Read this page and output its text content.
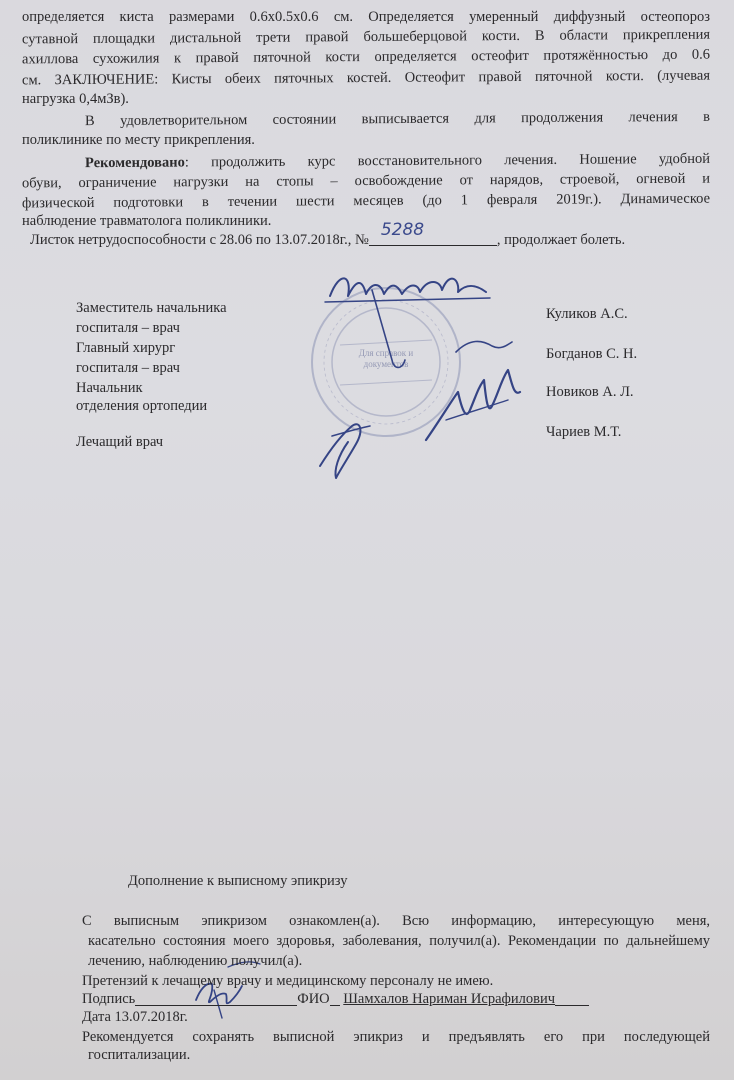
определяется киста размерами 0.6х0.5х0.6 см. Определяется умеренный диффузный остеопороз
сутавной площадки дистальной трети правой большеберцовой кости. В области прикрепления
ахиллова сухожилия к правой пяточной кости определяется остеофит протяжённостью до 0.6
см. ЗАКЛЮЧЕНИЕ: Кисты обеих пяточных костей. Остеофит правой пяточной кости. (лучевая
нагрузка 0,4мЗв).
В удовлетворительном состоянии выписывается для продолжения лечения в
поликлинике по месту прикрепления.
Рекомендовано : продолжить курс восстановительного лечения. Ношение удобной
обуви, ограничение нагрузки на стопы – освобождение от нарядов, строевой, огневой и
физической подготовки в течении шести месяцев (до 1 февраля 2019г.). Динамическое
наблюдение травматолога поликлиники.
Листок нетрудоспособности с 28.06 по 13.07.2018г., № 5288	, продолжает болеть.
Заместитель начальника
госпиталя – врач
Главный хирург
госпиталя – врач
Начальник
отделения ортопедии
Лечащий врач
Куликов А.С.
Богданов С. Н.
Новиков А. Л.
Чариев М.Т.
Для справок и документов
Дополнение к выписному эпикризу
С выписным эпикризом ознакомлен(а). Всю информацию, интересующую меня,
касательно состояния моего здоровья, заболевания, получил(а). Рекомендации по дальнейшему
лечению, наблюдению получил(а).
Претензий к лечащему врачу и медицинскому персоналу не имею.
Подпись	ФИО Шамхалов Нариман Исрафилович
Дата 13.07.2018г.
Рекомендуется сохранять выписной эпикриз и предъявлять его при последующей
госпитализации.
